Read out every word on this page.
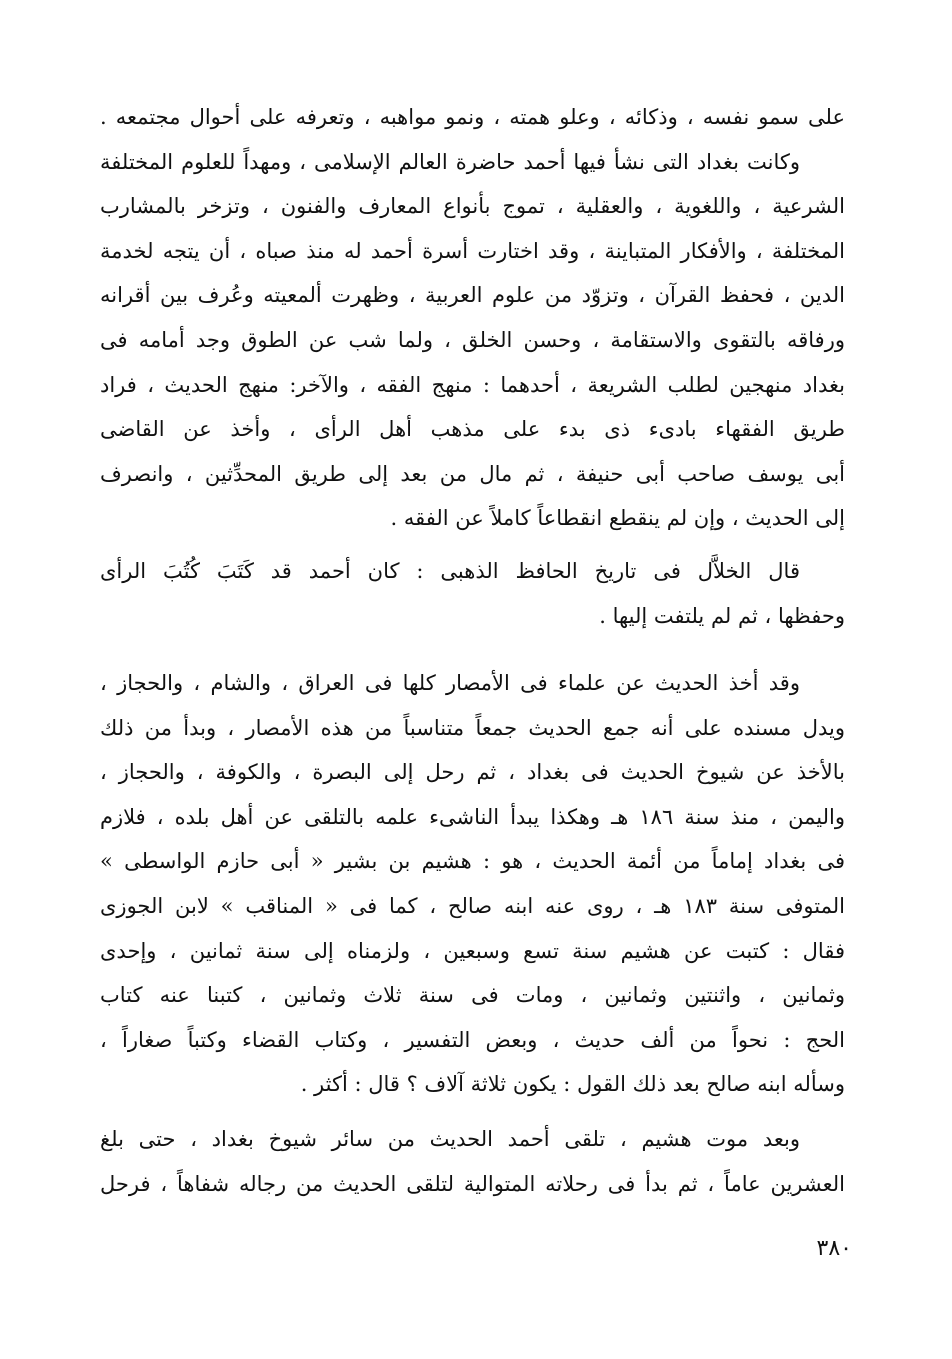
على سمو نفسه ، وذكائه ، وعلو همته ، ونمو مواهبه ، وتعرفه على أحوال مجتمعه .
وكانت بغداد التى نشأ فيها أحمد حاضرة العالم الإسلامى ، ومهداً للعلوم المختلفة
الشرعية ، واللغوية ، والعقلية ، تموج بأنواع المعارف والفنون ، وتزخر بالمشارب
المختلفة ، والأفكار المتباينة ، وقد اختارت أسرة أحمد له منذ صباه ، أن يتجه لخدمة
الدين ، فحفظ القرآن ، وتزوّد من علوم العربية ، وظهرت ألمعيته وعُرف بين أقرانه
ورفاقه بالتقوى والاستقامة ، وحسن الخلق ، ولما شب عن الطوق وجد أمامه فى
بغداد منهجين لطلب الشريعة ، أحدهما : منهج الفقه ، والآخر: منهج الحديث ، فراد
طريق الفقهاء بادىء ذى بدء على مذهب أهل الرأى ، وأخذ عن القاضى
أبى يوسف صاحب أبى حنيفة ، ثم مال من بعد إلى طريق المحدِّثين ، وانصرف
إلى الحديث ، وإن لم ينقطع انقطاعاً كاملاً عن الفقه .

قال الخلاَّل فى تاريخ الحافظ الذهبى : كان أحمد قد كَتَبَ كُتُبَ الرأى
وحفظها ، ثم لم يلتفت إليها .

وقد أخذ الحديث عن علماء فى الأمصار كلها فى العراق ، والشام ، والحجاز ،
ويدل مسنده على أنه جمع الحديث جمعاً متناسباً من هذه الأمصار ، وبدأ من ذلك
بالأخذ عن شيوخ الحديث فى بغداد ، ثم رحل إلى البصرة ، والكوفة ، والحجاز ،
واليمن ، منذ سنة ١٨٦ هـ وهكذا يبدأ الناشىء علمه بالتلقى عن أهل بلده ، فلازم
فى بغداد إماماً من أئمة الحديث ، هو : هشيم بن بشير « أبى حازم الواسطى »
المتوفى سنة ١٨٣ هـ ، روى عنه ابنه صالح ، كما فى « المناقب » لابن الجوزى
فقال : كتبت عن هشيم سنة تسع وسبعين ، ولزمناه إلى سنة ثمانين ، وإحدى
وثمانين ، واثنتين وثمانين ، ومات فى سنة ثلاث وثمانين ، كتبنا عنه كتاب
الحج : نحواً من ألف حديث ، وبعض التفسير ، وكتاب القضاء وكتباً صغاراً ،
وسأله ابنه صالح بعد ذلك القول : يكون ثلاثة آلاف ؟ قال : أكثر .

وبعد موت هشيم ، تلقى أحمد الحديث من سائر شيوخ بغداد ، حتى بلغ
العشرين عاماً ، ثم بدأ فى رحلاته المتوالية لتلقى الحديث من رجاله شفاهاً ، فرحل

٣٨٠
